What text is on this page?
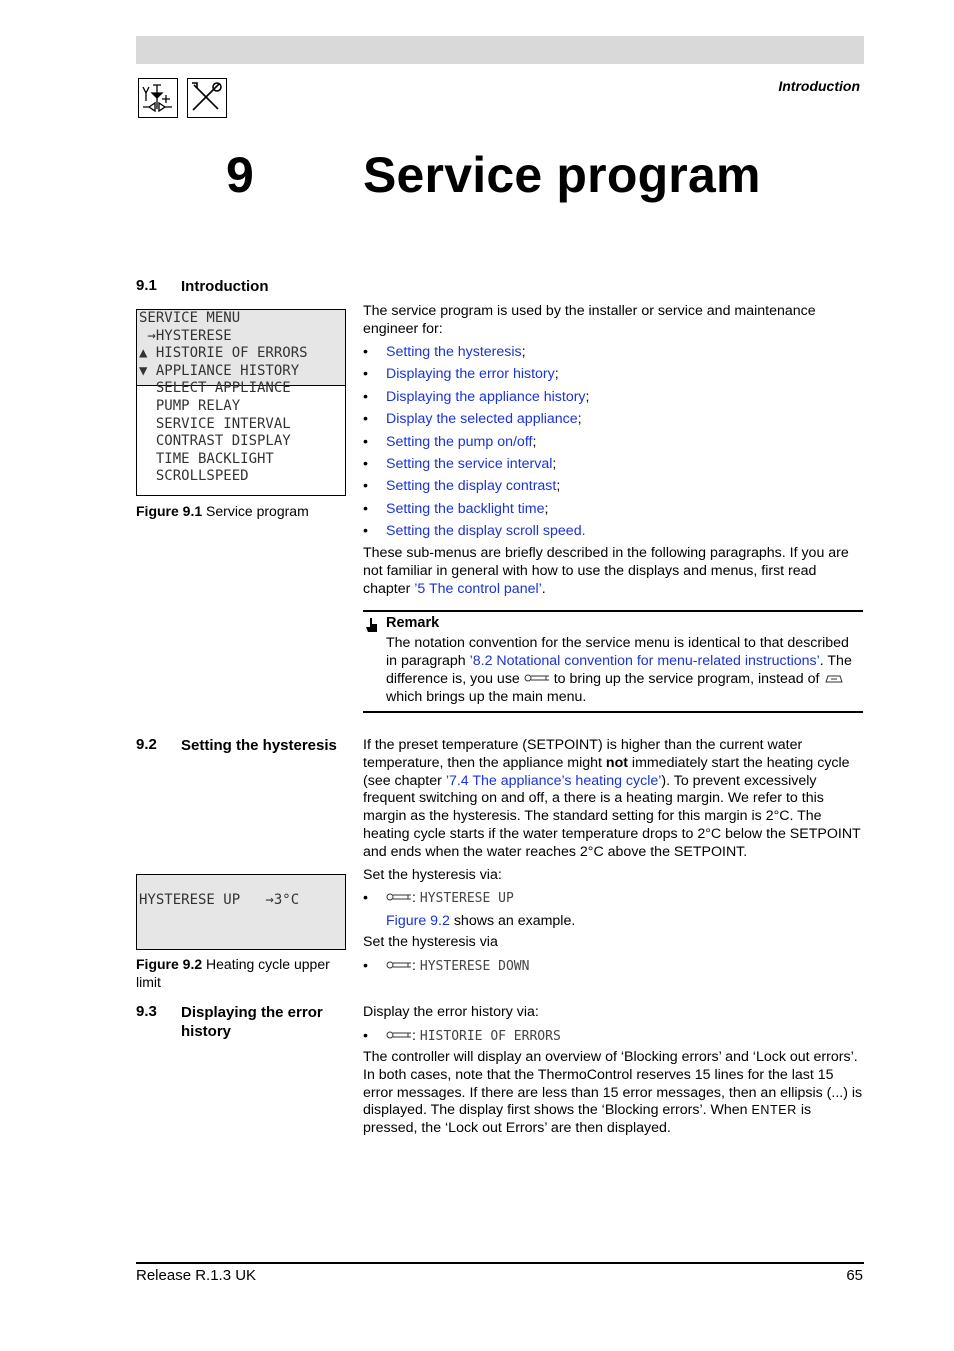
Introduction
9 Service program
9.1 Introduction
SERVICE MENU
→HYSTERESE
▲ HISTORIE OF ERRORS
▼ APPLIANCE HISTORY
SELECT APPLIANCE
PUMP RELAY
SERVICE INTERVAL
CONTRAST DISPLAY
TIME BACKLIGHT
SCROLLSPEED
Figure 9.1 Service program
The service program is used by the installer or service and maintenance engineer for:
• Setting the hysteresis;
• Displaying the error history;
• Displaying the appliance history;
• Display the selected appliance;
• Setting the pump on/off;
• Setting the service interval;
• Setting the display contrast;
• Setting the backlight time;
• Setting the display scroll speed.
These sub-menus are briefly described in the following paragraphs. If you are not familiar in general with how to use the displays and menus, first read chapter ’5 The control panel’.
Remark
The notation convention for the service menu is identical to that described in paragraph ’8.2 Notational convention for menu-related instructions’. The difference is, you use  to bring up the service program, instead of  which brings up the main menu.
9.2 Setting the hysteresis	If the preset temperature (SETPOINT) is higher than the current water temperature, then the appliance might not immediately start the heating cycle (see chapter ’7.4 The appliance’s heating cycle’). To prevent excessively frequent switching on and off, a there is a heating margin. We refer to this margin as the hysteresis. The standard setting for this margin is 2°C. The heating cycle starts if the water temperature drops to 2°C below the SETPOINT and ends when the water reaches 2°C above the SETPOINT.
HYSTERESE UP   →3°C
Figure 9.2 Heating cycle upper limit
Set the hysteresis via:
•	: HYSTERESE UP
Figure 9.2 shows an example.
Set the hysteresis via
•	: HYSTERESE DOWN
9.3 Displaying the error history
Display the error history via:
•	: HISTORIE OF ERRORS
The controller will display an overview of ‘Blocking errors’ and ‘Lock out errors’. In both cases, note that the ThermoControl reserves 15 lines for the last 15 error messages. If there are less than 15 error messages, then an ellipsis (...) is displayed. The display first shows the ‘Blocking errors’. When ENTER is pressed, the ‘Lock out Errors’ are then displayed.
Release R.1.3 UK	65
